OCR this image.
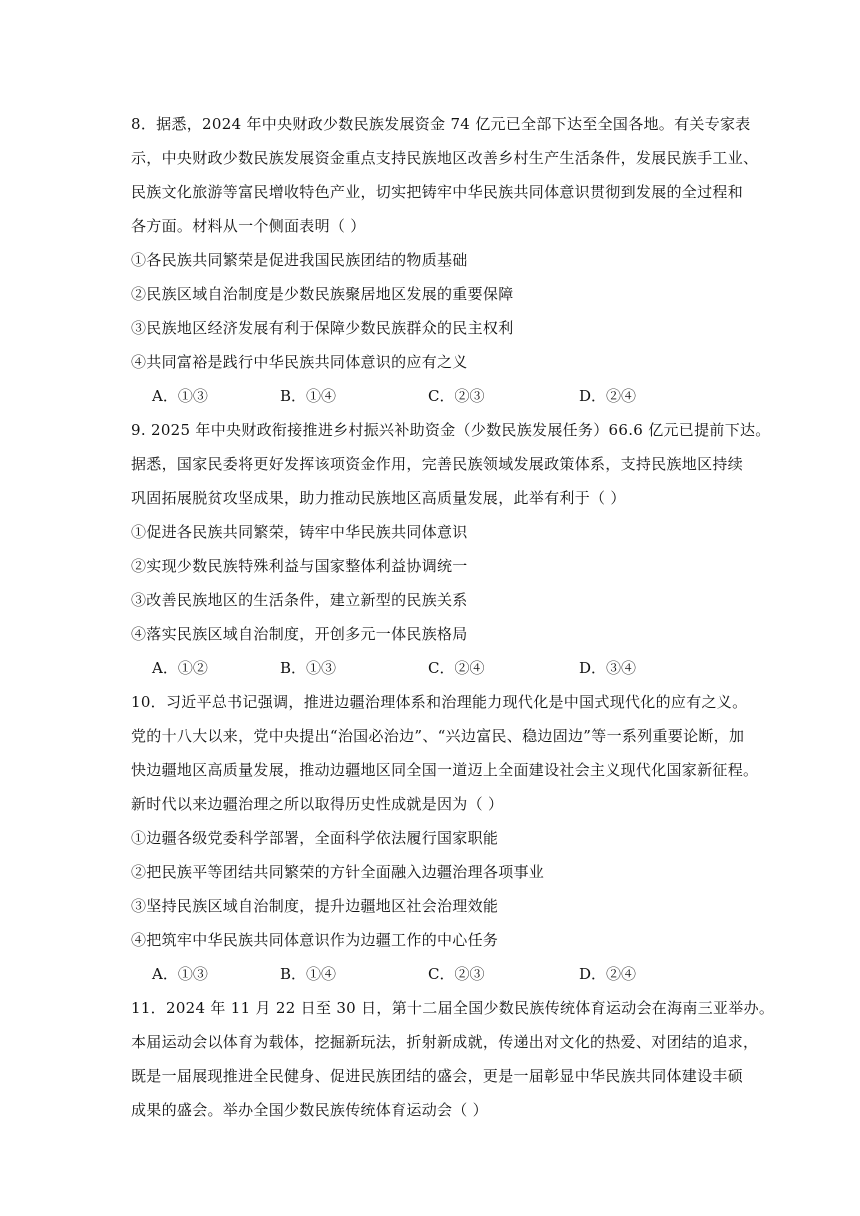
8．据悉，2024 年中央财政少数民族发展资金 74 亿元已全部下达至全国各地。有关专家表
示，中央财政少数民族发展资金重点支持民族地区改善乡村生产生活条件，发展民族手工业、
民族文化旅游等富民增收特色产业，切实把铸牢中华民族共同体意识贯彻到发展的全过程和
各方面。材料从一个侧面表明（ ）
①各民族共同繁荣是促进我国民族团结的物质基础
②民族区域自治制度是少数民族聚居地区发展的重要保障
③民族地区经济发展有利于保障少数民族群众的民主权利
④共同富裕是践行中华民族共同体意识的应有之义
A．①③	B．①④	C．②③	D．②④
9. 2025 年中央财政衔接推进乡村振兴补助资金（少数民族发展任务）66.6 亿元已提前下达。
据悉，国家民委将更好发挥该项资金作用，完善民族领域发展政策体系，支持民族地区持续
巩固拓展脱贫攻坚成果，助力推动民族地区高质量发展，此举有利于（ ）
①促进各民族共同繁荣，铸牢中华民族共同体意识
②实现少数民族特殊利益与国家整体利益协调统一
③改善民族地区的生活条件，建立新型的民族关系
④落实民族区域自治制度，开创多元一体民族格局
A．①②	B．①③	C．②④	D．③④
10．习近平总书记强调，推进边疆治理体系和治理能力现代化是中国式现代化的应有之义。
党的十八大以来，党中央提出“治国必治边”、“兴边富民、稳边固边”等一系列重要论断，加
快边疆地区高质量发展，推动边疆地区同全国一道迈上全面建设社会主义现代化国家新征程。
新时代以来边疆治理之所以取得历史性成就是因为（ ）
①边疆各级党委科学部署，全面科学依法履行国家职能
②把民族平等团结共同繁荣的方针全面融入边疆治理各项事业
③坚持民族区域自治制度，提升边疆地区社会治理效能
④把筑牢中华民族共同体意识作为边疆工作的中心任务
A．①③	B．①④	C．②③	D．②④
11．2024 年 11 月 22 日至 30 日，第十二届全国少数民族传统体育运动会在海南三亚举办。
本届运动会以体育为载体，挖掘新玩法，折射新成就，传递出对文化的热爱、对团结的追求，
既是一届展现推进全民健身、促进民族团结的盛会，更是一届彰显中华民族共同体建设丰硕
成果的盛会。举办全国少数民族传统体育运动会（ ）
